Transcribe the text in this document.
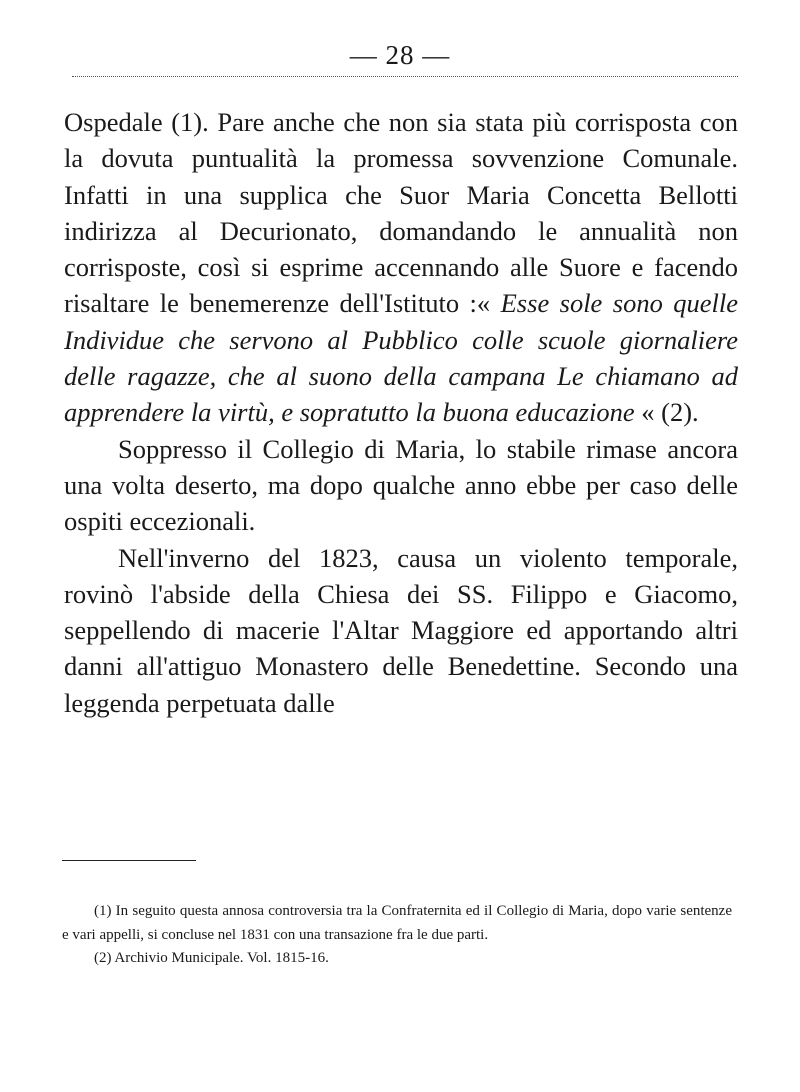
— 28 —

Ospedale (1). Pare anche che non sia stata più corrisposta con la dovuta puntualità la promessa sovvenzione Comunale. Infatti in una supplica che Suor Maria Concetta Bellotti indirizza al Decurionato, domandando le annualità non corrisposte, così si esprime accennando alle Suore e facendo risaltare le benemerenze dell'Istituto :« Esse sole sono quelle Individue che servono al Pubblico colle scuole giornaliere delle ragazze, che al suono della campana Le chiamano ad apprendere la virtù, e sopratutto la buona educazione « (2).

Soppresso il Collegio di Maria, lo stabile rimase ancora una volta deserto, ma dopo qualche anno ebbe per caso delle ospiti eccezionali.

Nell'inverno del 1823, causa un violento temporale, rovinò l'abside della Chiesa dei SS. Filippo e Giacomo, seppellendo di macerie l'Altar Maggiore ed apportando altri danni all'attiguo Monastero delle Benedettine. Secondo una leggenda perpetuata dalle

(1) In seguito questa annosa controversia tra la Confraternita ed il Collegio di Maria, dopo varie sentenze e vari appelli, si concluse nel 1831 con una transazione fra le due parti.

(2) Archivio Municipale. Vol. 1815-16.
